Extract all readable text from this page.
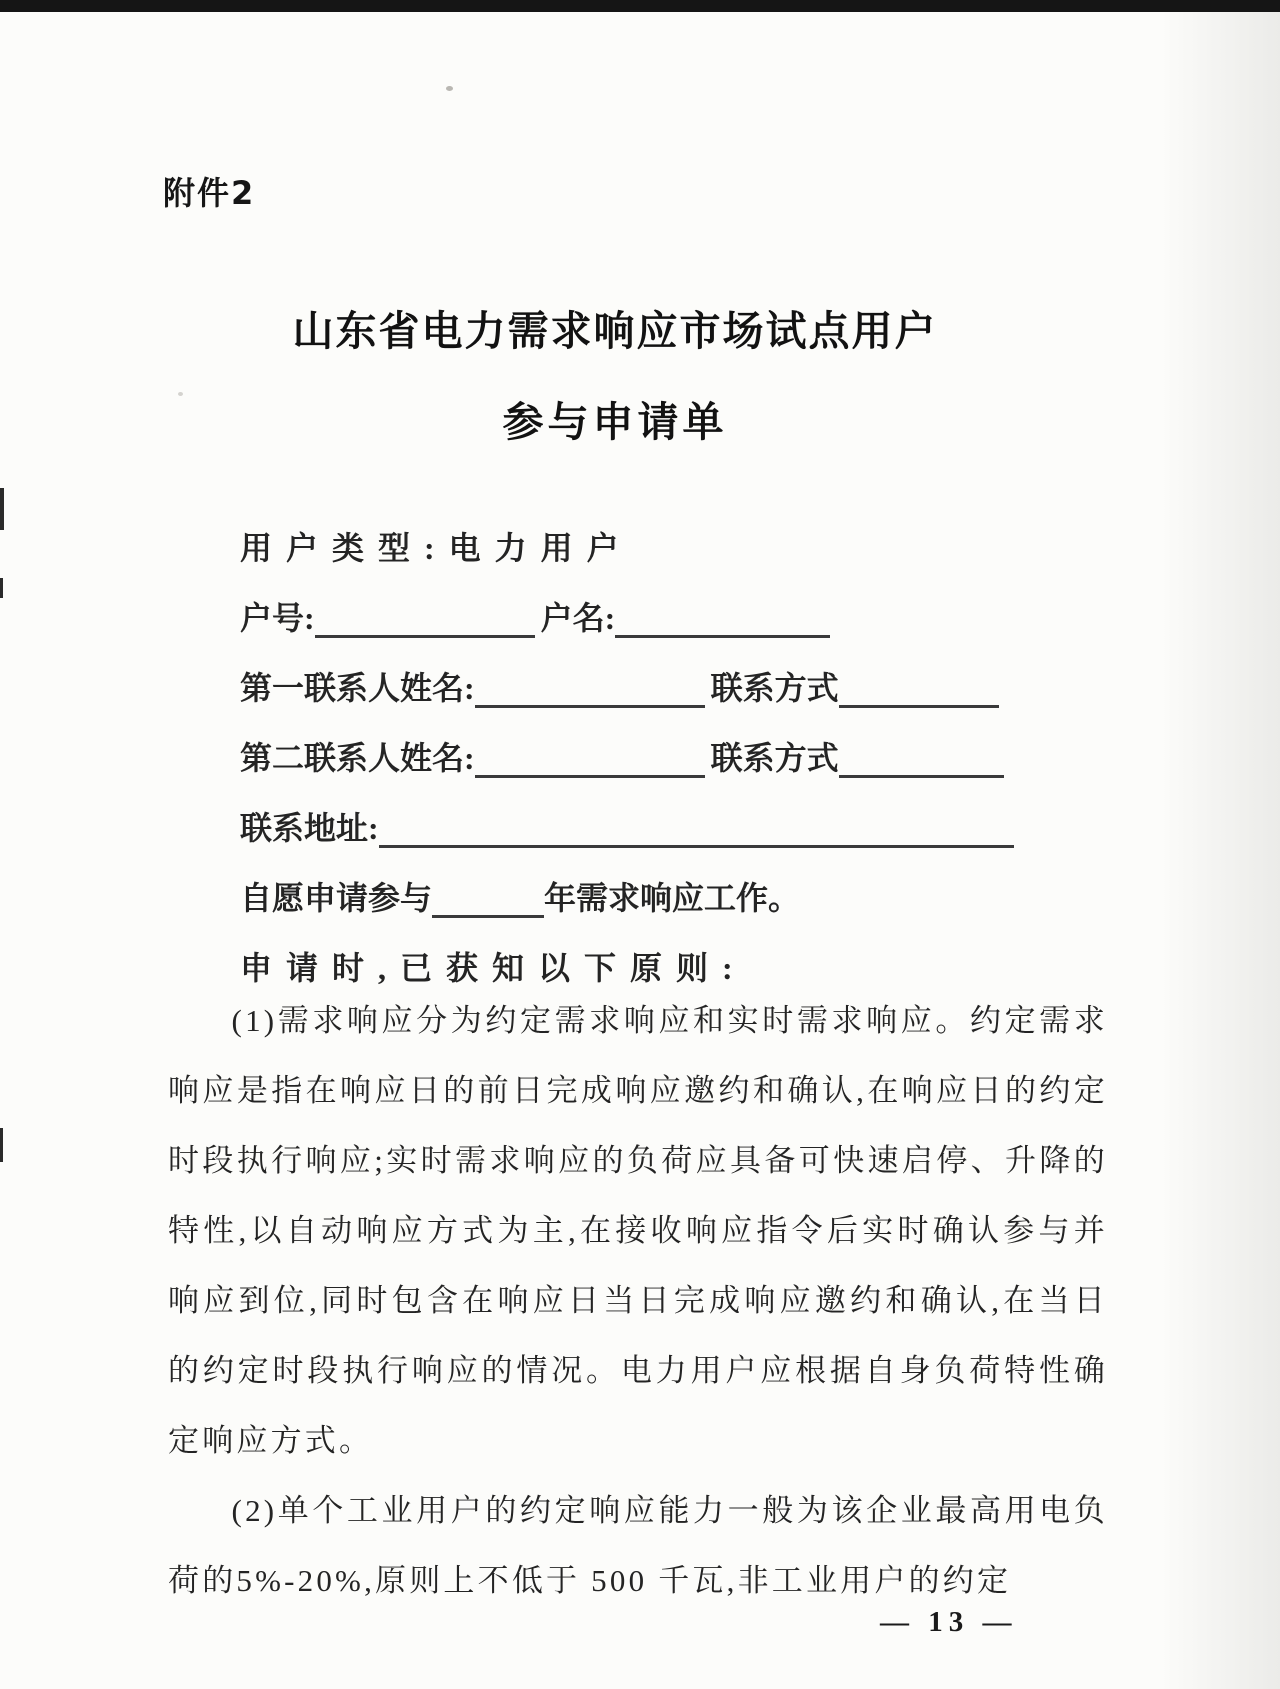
附件2
山东省电力需求响应市场试点用户
参与申请单
用户类型:电力用户
户号:	户名:
第一联系人姓名:	联系方式
第二联系人姓名:	联系方式
联系地址:
自愿申请参与	年需求响应工作。
申请时,已获知以下原则:

(1)需求响应分为约定需求响应和实时需求响应。约定需求响应是指在响应日的前日完成响应邀约和确认,在响应日的约定时段执行响应;实时需求响应的负荷应具备可快速启停、升降的特性,以自动响应方式为主,在接收响应指令后实时确认参与并响应到位,同时包含在响应日当日完成响应邀约和确认,在当日的约定时段执行响应的情况。电力用户应根据自身负荷特性确定响应方式。

(2)单个工业用户的约定响应能力一般为该企业最高用电负荷的5%-20%,原则上不低于 500 千瓦,非工业用户的约定

— 13 —
